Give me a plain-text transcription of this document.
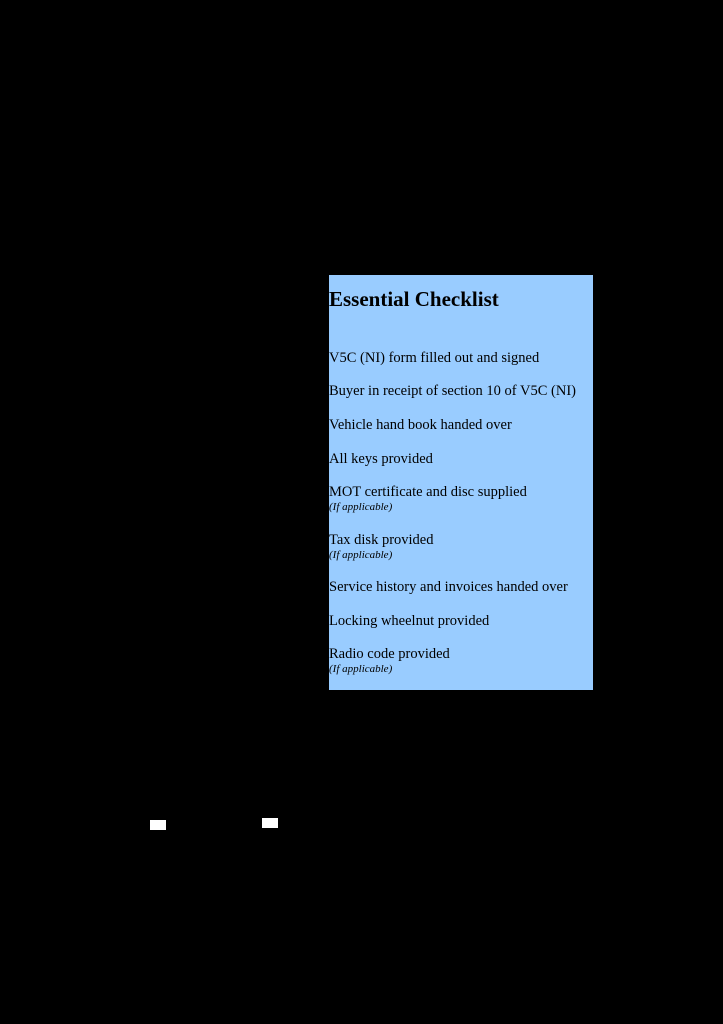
Essential Checklist
V5C (NI) form filled out and signed
Buyer in receipt of section 10 of V5C (NI)
Vehicle hand book handed over
All keys provided
MOT certificate and disc supplied
(If applicable)
Tax disk provided
(If applicable)
Service history and invoices handed over
Locking wheelnut provided
Radio code provided
(If applicable)
